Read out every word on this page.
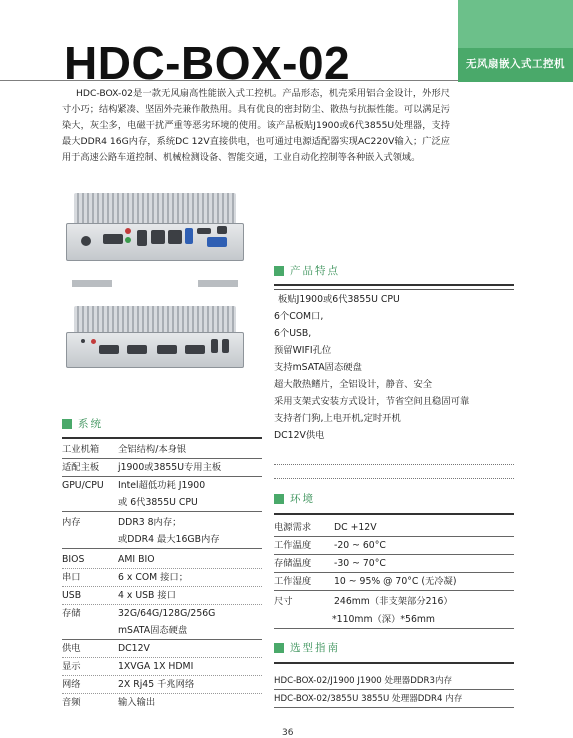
无风扇嵌入式工控机
HDC-BOX-02
HDC-BOX-02是一款无风扇高性能嵌入式工控机。产品形态，机壳采用铝合金设计，外形尺寸小巧；结构紧凑、坚固外壳兼作散热用。具有优良的密封防尘、散热与抗振性能。可以满足污染大，灰尘多，电磁干扰严重等恶劣环境的使用。该产品板贴J1900或6代3855U处理器，支持最大DDR4 16G内存，系统DC 12V直接供电，也可通过电源适配器实现AC220V输入；广泛应用于高速公路车道控制、机械检测设备、智能交通，工业自动化控制等各种嵌入式领域。
产品特点
板贴J1900或6代3855U CPU
6个COM口,
6个USB,
预留WIFI孔位
支持mSATA固态硬盘
超大散热鳍片，全铝设计，静音、安全
采用支架式安装方式设计，节省空间且稳固可靠
支持者门狗,上电开机,定时开机
DC12V供电
系统
工业机箱 全铝结构/本身银
适配主板 j1900或3855U专用主板
GPU/CPU Intel超低功耗 J1900
或 6代3855U CPU
内存	DDR3 8内存；
或DDR4 最大16GB内存
BIOS	AMI BIO
串口	6 x COM 接口；
USB	4 x USB 接口
存储	32G/64G/128G/256G
mSATA固态硬盘
供电	DC12V
显示	1XVGA 1X HDMI
网络	2X Rj45 千兆网络
音频	输入输出
环境
电源需求 DC +12V
工作温度 -20 ~ 60°C
存储温度 -30 ~ 70°C
工作湿度 10 ~ 95% @ 70°C (无冷凝)
尺寸	246mm（非支架部分216）
*110mm（深）*56mm
选型指南
HDC-BOX-02/J1900 J1900 处理器DDR3内存
HDC-BOX-02/3855U 3855U 处理器DDR4 内存
36
